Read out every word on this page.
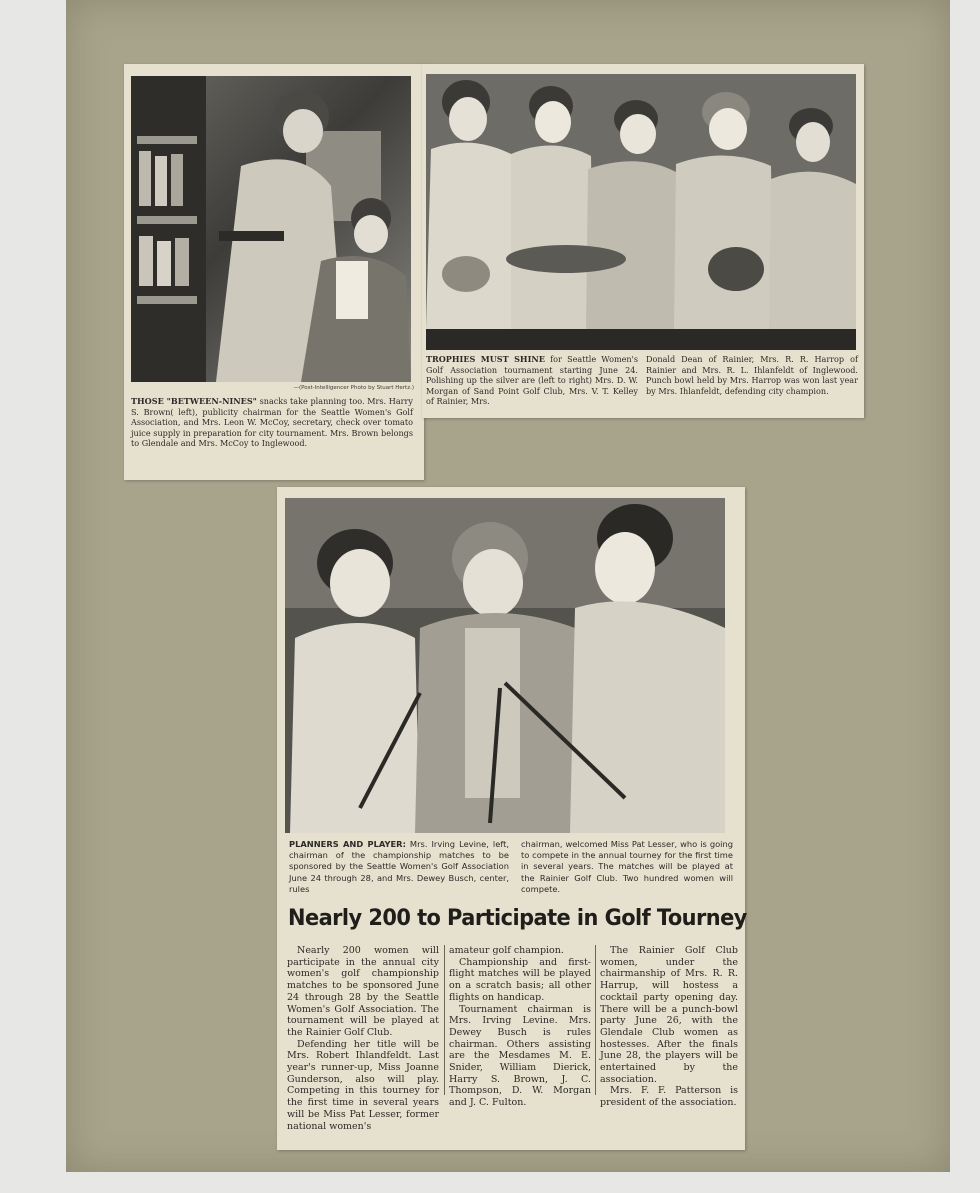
—(Post-Intelligencer Photo by Stuart Hertz.)
THOSE "BETWEEN-NINES" snacks take planning too. Mrs. Harry S. Brown( left), publicity chairman for the Seattle Women's Golf Association, and Mrs. Leon W. McCoy, secretary, check over tomato juice supply in preparation for city tournament. Mrs. Brown belongs to Glendale and Mrs. McCoy to Inglewood.
TROPHIES MUST SHINE for Seattle Women's Golf Association tournament starting June 24. Polishing up the silver are (left to right) Mrs. D. W. Morgan of Sand Point Golf Club, Mrs. V. T. Kelley of Rainier, Mrs.
Donald Dean of Rainier, Mrs. R. R. Harrop of Rainier and Mrs. R. L. Ihlanfeldt of Inglewood. Punch bowl held by Mrs. Harrop was won last year by Mrs. Ihlanfeldt, defending city champion.
PLANNERS AND PLAYER: Mrs. Irving Levine, left, chairman of the championship matches to be sponsored by the Seattle Women's Golf Association June 24 through 28, and Mrs. Dewey Busch, center, rules
chairman, welcomed Miss Pat Lesser, who is going to compete in the annual tourney for the first time in several years. The matches will be played at the Rainier Golf Club. Two hundred women will compete.
Nearly 200 to Participate in Golf Tourney

Nearly 200 women will participate in the annual city women's golf championship matches to be sponsored June 24 through 28 by the Seattle Women's Golf Association. The tournament will be played at the Rainier Golf Club.

Defending her title will be Mrs. Robert Ihlandfeldt. Last year's runner-up, Miss Joanne Gunderson, also will play. Competing in this tourney for the first time in several years will be Miss Pat Lesser, former national women's

amateur golf champion.

Championship and first-flight matches will be played on a scratch basis; all other flights on handicap.

Tournament chairman is Mrs. Irving Levine. Mrs. Dewey Busch is rules chairman. Others assisting are the Mesdames M. E. Snider, William Dierick, Harry S. Brown, J. C. Thompson, D. W. Morgan and J. C. Fulton.

The Rainier Golf Club women, under the chairmanship of Mrs. R. R. Harrup, will hostess a cocktail party opening day. There will be a punch-bowl party June 26, with the Glendale Club women as hostesses. After the finals June 28, the players will be entertained by the association.

Mrs. F. F. Patterson is president of the association.
